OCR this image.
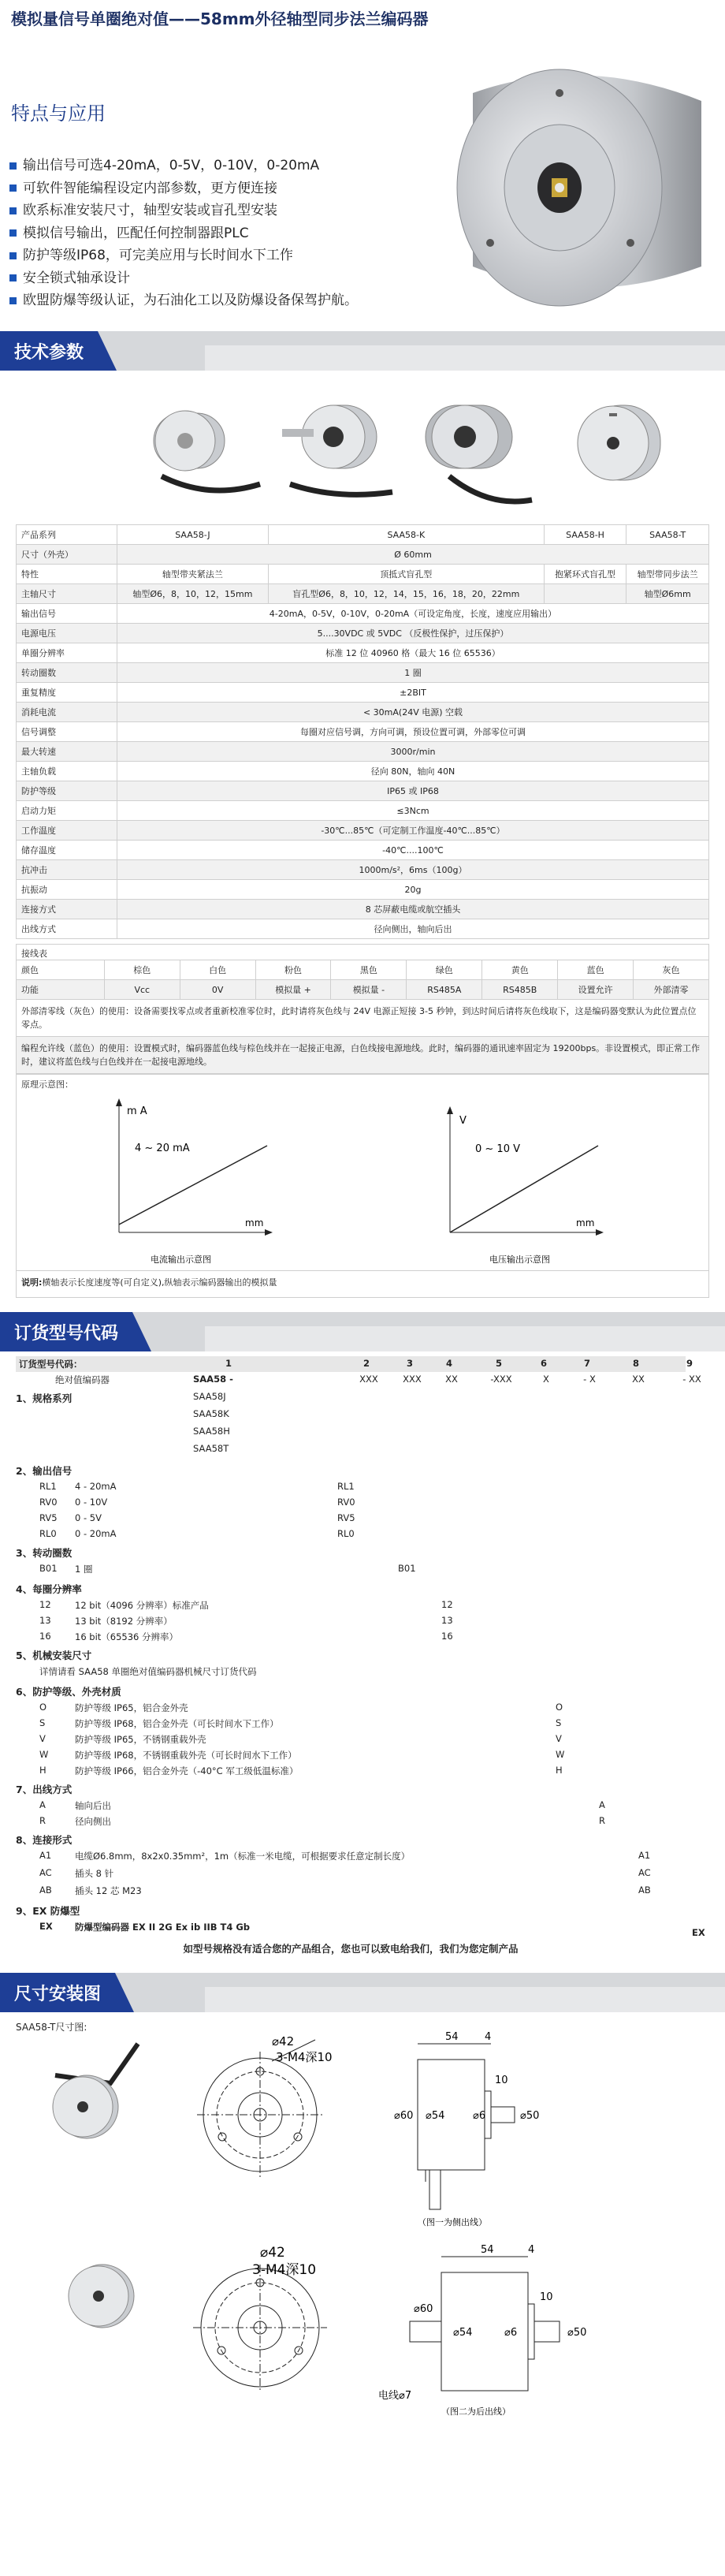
模拟量信号单圈绝对值——58mm外径轴型同步法兰编码器
特点与应用
输出信号可选4-20mA，0-5V，0-10V，0-20mA
可软件智能编程设定内部参数，更方便连接
欧系标准安装尺寸，轴型安装或盲孔型安装
模拟信号输出，匹配任何控制器跟PLC
防护等级IP68，可完美应用与长时间水下工作
安全锁式轴承设计
欧盟防爆等级认证，为石油化工以及防爆设备保驾护航。
技术参数
产品系列	SAA58-J	SAA58-K	SAA58-H	SAA58-T
尺寸（外壳）	Ø 60mm			
特性	轴型带夹紧法兰	顶抵式盲孔型	抱紧环式盲孔型	轴型带同步法兰
主轴尺寸	轴型Ø6，8，10，12，15mm	盲孔型Ø6，8，10，12，14，15，16，18，20，22mm		轴型Ø6mm
输出信号	4-20mA，0-5V，0-10V，0-20mA（可设定角度，长度，速度应用输出）			
电源电压	5....30VDC 或 5VDC （反极性保护，过压保护）			
单圈分辨率	标准 12 位 40960 格（最大 16 位 65536）			
转动圈数	1 圈			
重复精度	±2BIT			
消耗电流	< 30mA(24V 电源) 空载			
信号调整	每圈对应信号调，方向可调，预设位置可调，外部零位可调			
最大转速	3000r/min			
主轴负载	径向 80N，轴向 40N			
防护等级	IP65 或 IP68			
启动力矩	≤3Ncm			
工作温度	-30℃...85℃（可定制工作温度-40℃...85℃）			
储存温度	-40℃....100℃			
抗冲击	1000m/s²，6ms（100g）			
抗振动	20g			
连接方式	8 芯屏蔽电缆或航空插头			
出线方式	径向侧出，轴向后出			
接线表
颜色	棕色	白色	粉色	黑色	绿色	黄色	蓝色	灰色
功能	Vcc	0V	模拟量 +	模拟量 -	RS485A	RS485B	设置允许	外部清零
外部清零线（灰色）的使用：设备需要找零点或者重新校准零位时，此时请将灰色线与 24V 电源正短接 3-5 秒钟，到达时间后请将灰色线取下，这是编码器变默认为此位置点位零点。								
编程允许线（蓝色）的使用：设置模式时，编码器蓝色线与棕色线并在一起接正电源，白色线接电源地线。此时，编码器的通讯速率固定为 19200bps。非设置模式，即正常工作时，建议将蓝色线与白色线并在一起接电源地线。								
原理示意图：
m A
4 ~ 20 mA
mm
电流输出示意图
V
0 ~ 10 V
mm
电压输出示意图
说明:横轴表示长度速度等(可自定义),纵轴表示编码器输出的模拟量
订货型号代码
订货型号代码：	1	2	3	4	5	6	7	8	9
绝对值编码器	SAA58 -	XXX	XXX	XX	-XXX	X	- X	XX	- XX
1、规格系列	SAA58J
SAA58K
SAA58H
SAA58T
2、输出信号
RL1 4 - 20mA	RL1
RV0 0 - 10V	RV0
RV5 0 - 5V	RV5
RL0 0 - 20mA	RL0
3、转动圈数
B01 1 圈	B01
4、每圈分辨率
12	12 bit（4096 分辨率）标准产品	12
13	13 bit（8192 分辨率）	13
16	16 bit（65536 分辨率）	16
5、机械安装尺寸
详情请看 SAA58 单圈绝对值编码器机械尺寸订货代码
6、防护等级、外壳材质
O	防护等级 IP65，铝合金外壳	O
S	防护等级 IP68，铝合金外壳（可长时间水下工作）	S
V	防护等级 IP65，不锈钢重载外壳	V
W	防护等级 IP68，不锈钢重载外壳（可长时间水下工作）	W
H	防护等级 IP66，铝合金外壳（-40°C 军工级低温标准）	H
7、出线方式
A	轴向后出	A
R	径向侧出	R
8、连接形式
A1	电缆Ø6.8mm，8x2x0.35mm²，1m（标准一米电缆，可根据要求任意定制长度）	A1
AC	插头 8 针	AC
AB	插头 12 芯 M23	AB
9、EX 防爆型
EX 防爆型编码器 EX II 2G Ex ib IIB T4 Gb	EX
如型号规格没有适合您的产品组合，您也可以致电给我们，我们为您定制产品
尺寸安装图
SAA58-T尺寸图:
⌀42
3-M4深10
54	4
10
⌀60 ⌀54	⌀6	⌀50
（图一为侧出线）
⌀42
3-M4深10
54	4
10
⌀60
⌀54	⌀6	⌀50
电线⌀7
（图二为后出线）
